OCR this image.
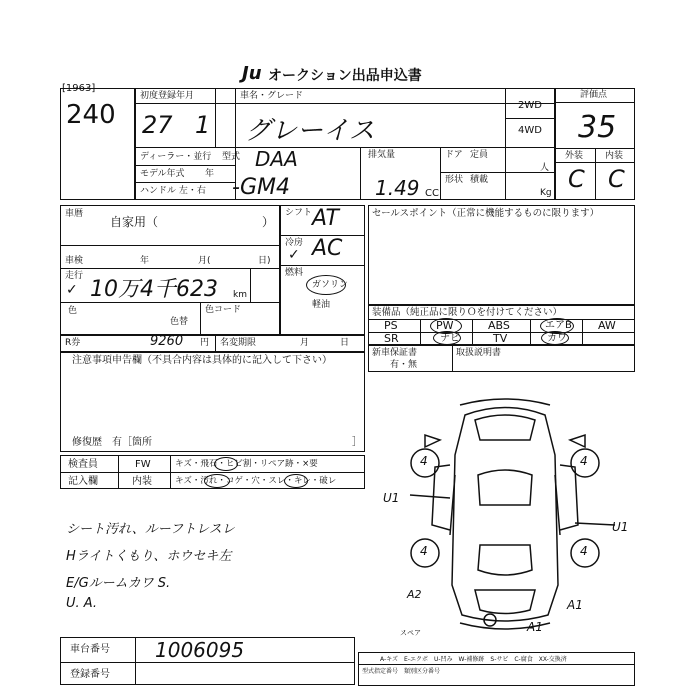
[1963]
Ju オークション出品申込書
240
初度登録年月
27 1
車名・グレード
グレーイス
2WD
4WD
ディーラー・並行
モデル年式 年
ハンドル 左・右
型式 DAA
-GM4
排気量
1.49 CC
ドア 定員
人
形状 積載
Kg
評価点
35
外装 内装
C C
車暦
自家用（	）
車検	年	月(	日)
走行
✓ 10万4千623 km
色
色替
色コード
シフト AT
冷房
✓ AC
燃料
ガソリン
軽油
R券	9260 円 名変期限	月	日
注意事項申告欄（不具合内容は具体的に記入して下さい）
修復歴　有［箇所	］
セールスポイント（正常に機能するものに限ります）
装備品（純正品に限りＯを付けてください）
PS	PW	ABS	エアB AW
SR	ナビ	TV	カワ
新車保証書
有・無
取扱説明書
検査員	FW	キズ・飛石・ヒビ割・リペア跡・×要
記入欄	内装	キズ・汚れ・コゲ・穴・スレ・キレ・破レ
シート汚れ、ルーフトレスレ
Hライトくもり、ホウセキ左
E/Gルームカワ S.
U. A.
U1
U1
A1
A1
A2
スペア
4	4
4	4
車台番号 1006095
登録番号
A-キズ　E-エクボ　U-凹み　W-補修跡　S-サビ　C-腐食　XX-交換済
型式指定番号　類別区分番号
